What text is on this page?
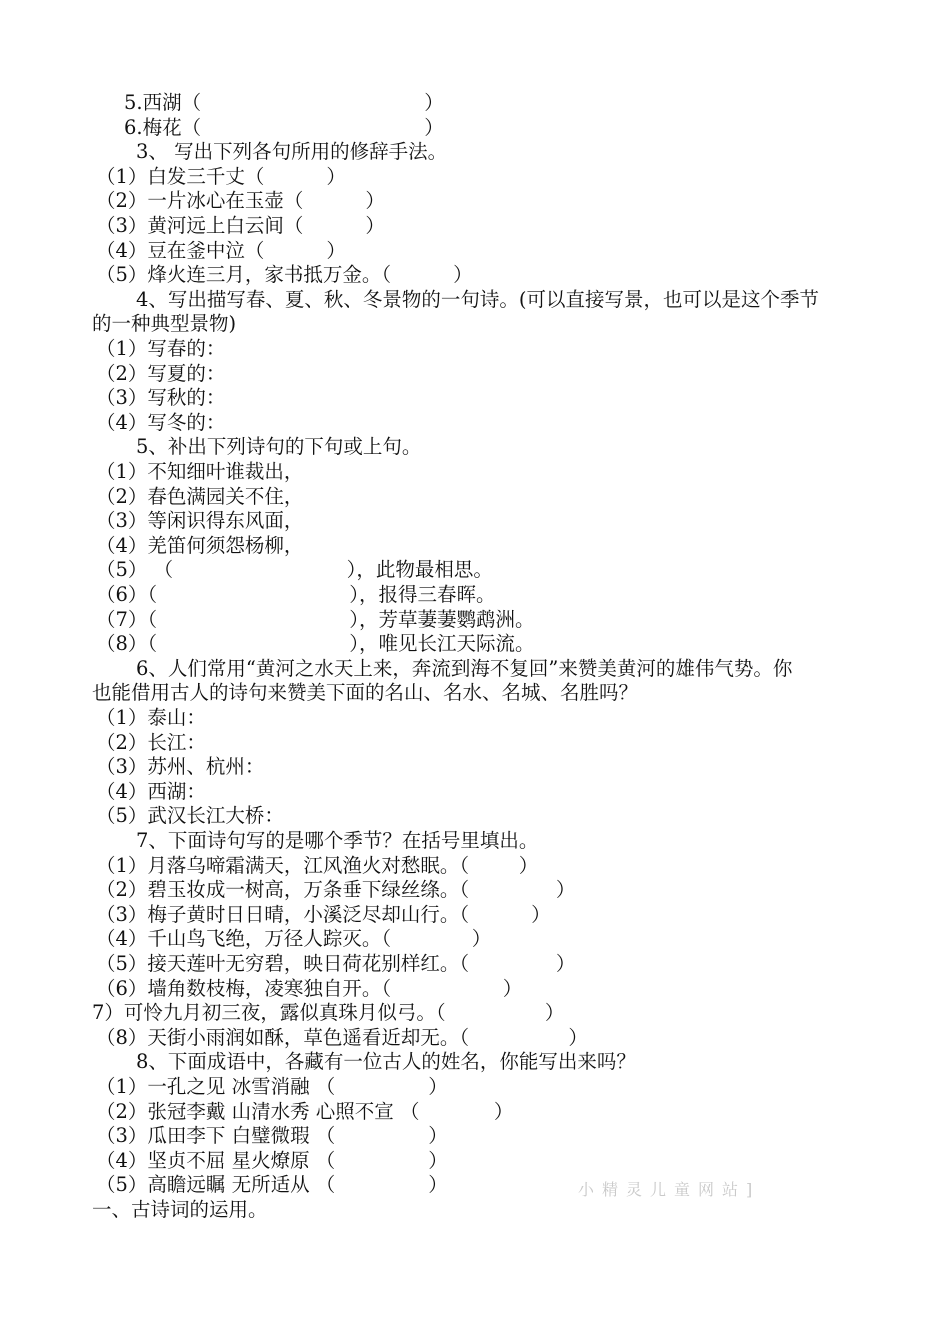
5.西湖（                                    ）
6.梅花（                                    ）
3、 写出下列各句所用的修辞手法。
（1）白发三千丈（          ）
（2）一片冰心在玉壶（          ）
（3）黄河远上白云间（          ）
（4）豆在釜中泣（          ）
（5）烽火连三月，家书抵万金。（          ）
4、写出描写春、夏、秋、冬景物的一句诗。(可以直接写景，也可以是这个季节
的一种典型景物)
（1）写春的：
（2）写夏的：
（3）写秋的：
（4）写冬的：
5、补出下列诗句的下句或上句。
（1）不知细叶谁裁出，
（2）春色满园关不住，
（3）等闲识得东风面，
（4）羌笛何须怨杨柳，
（5） （                            ），此物最相思。
（6）（                               ），报得三春晖。
（7）（                               ），芳草萋萋鹦鹉洲。
（8）（                               ），唯见长江天际流。
6、人们常用“黄河之水天上来，奔流到海不复回”来赞美黄河的雄伟气势。你
也能借用古人的诗句来赞美下面的名山、名水、名城、名胜吗？
（1）泰山：
（2）长江：
（3）苏州、杭州：
（4）西湖：
（5）武汉长江大桥：
7、下面诗句写的是哪个季节？在括号里填出。
（1）月落乌啼霜满天，江风渔火对愁眠。（        ）
（2）碧玉妆成一树高，万条垂下绿丝绦。（              ）
（3）梅子黄时日日晴，小溪泛尽却山行。（          ）
（4）千山鸟飞绝，万径人踪灭。（             ）
（5）接天莲叶无穷碧，映日荷花别样红。（              ）
（6）墙角数枝梅，凌寒独自开。（                  ）
7）可怜九月初三夜，露似真珠月似弓。（                ）
（8）天街小雨润如酥，草色遥看近却无。（                ）
8、下面成语中，各藏有一位古人的姓名，你能写出来吗？
（1）一孔之见 冰雪消融 （               ）
（2）张冠李戴 山清水秀 心照不宣 （            ）
（3）瓜田李下 白璧微瑕 （               ）
（4）坚贞不屈 星火燎原 （               ）
（5）高瞻远瞩 无所适从 （               ）
一、古诗词的运用。
小精灵儿童网站]
